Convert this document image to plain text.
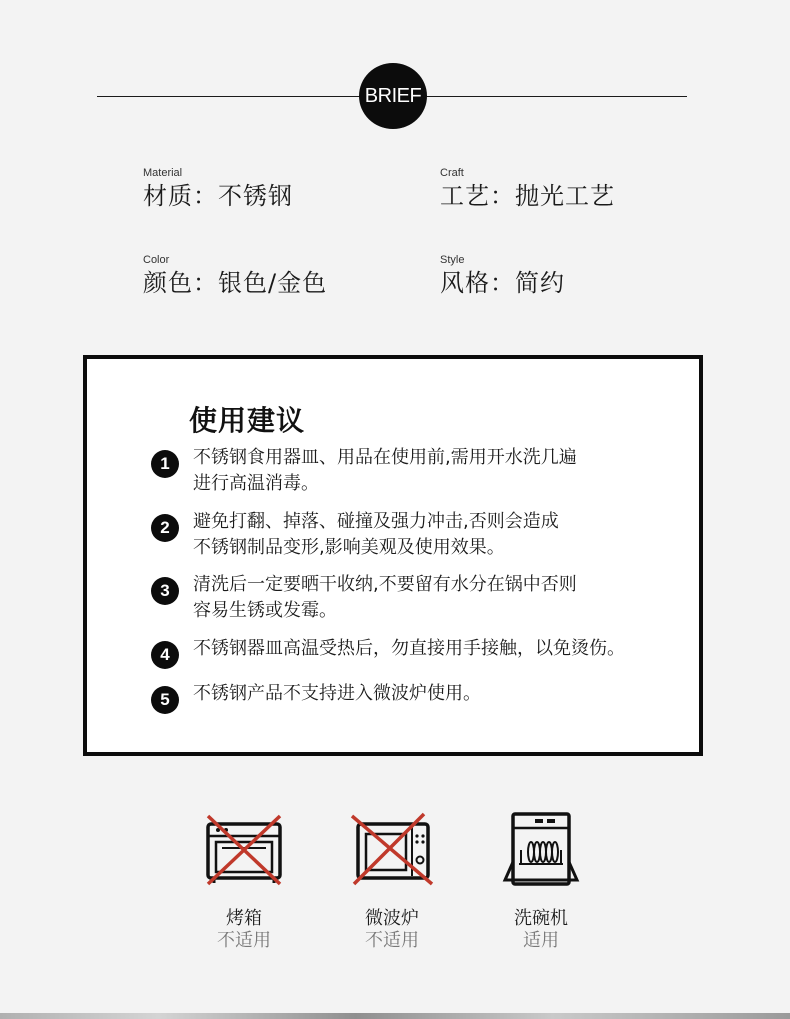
BRIEF
Material
材质：不锈钢
Craft
工艺：抛光工艺
Color
颜色：银色/金色
Style
风格：简约
使用建议
1	不锈钢食用器皿、用品在使用前,需用开水洗几遍
进行高温消毒。
2	避免打翻、掉落、碰撞及强力冲击,否则会造成
不锈钢制品变形,影响美观及使用效果。
3	清洗后一定要晒干收纳,不要留有水分在锅中否则
容易生锈或发霉。
4	不锈钢器皿高温受热后，勿直接用手接触，以免烫伤。
5	不锈钢产品不支持进入微波炉使用。
烤箱
不适用
微波炉
不适用
洗碗机
适用
